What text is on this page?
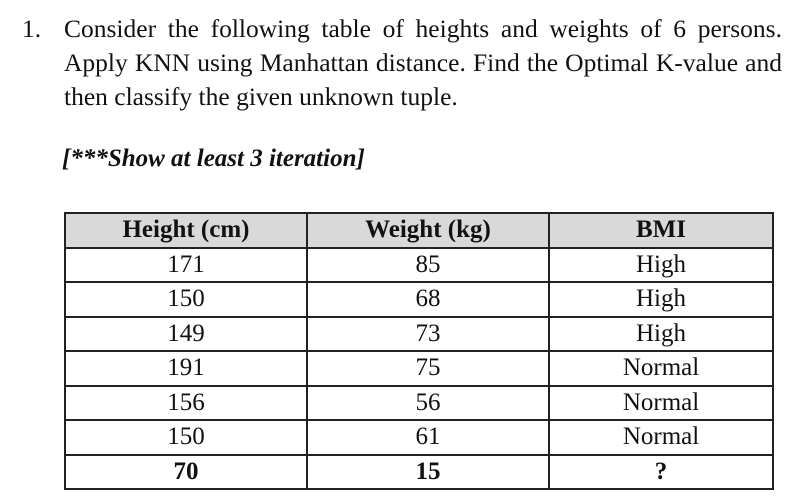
1. Consider the following table of heights and weights of 6 persons. Apply KNN using Manhattan distance. Find the Optimal K-value and then classify the given unknown tuple.
[***Show at least 3 iteration]
Height (cm)	Weight (kg)	BMI
171	85	High
150	68	High
149	73	High
191	75	Normal
156	56	Normal
150	61	Normal
70	15	?
